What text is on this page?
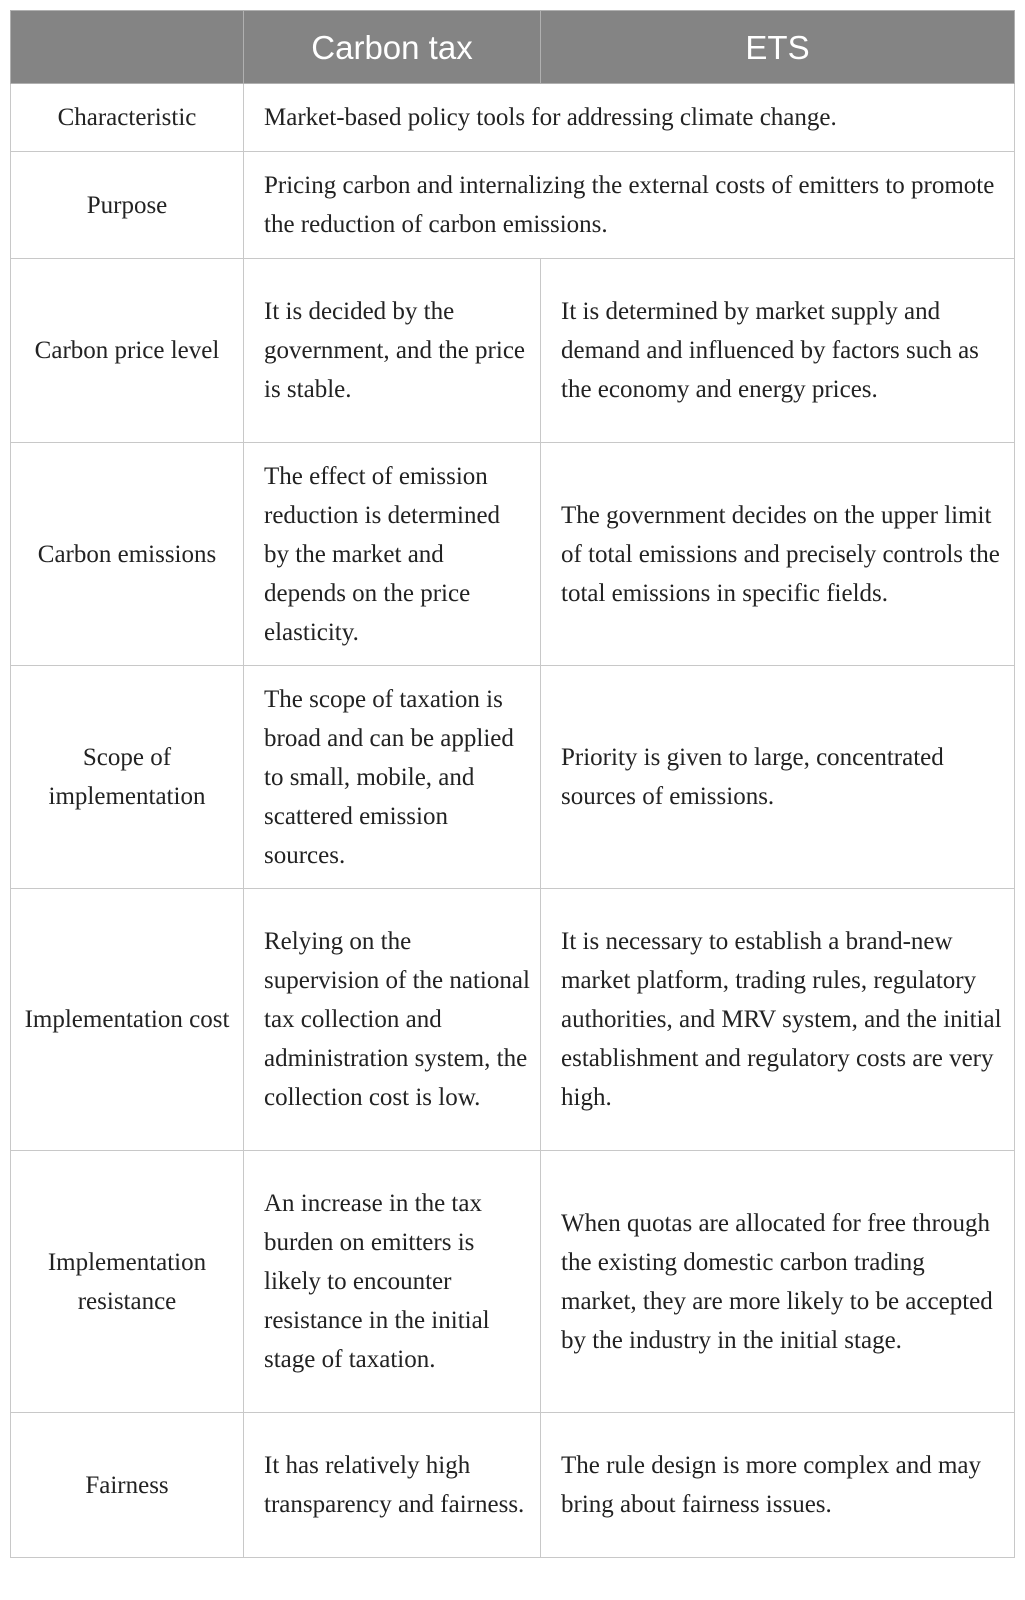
	Carbon tax	ETS
Characteristic	Market-based policy tools for addressing climate change.	
Purpose	Pricing carbon and internalizing the external costs of emitters to promote the reduction of carbon emissions.	
Carbon price level	It is decided by the government, and the price is stable.	It is determined by market supply and demand and influenced by factors such as the economy and energy prices.
Carbon emissions	The effect of emission reduction is determined by the market and depends on the price elasticity.	The government decides on the upper limit of total emissions and precisely controls the total emissions in specific fields.
Scope of implementation	The scope of taxation is broad and can be applied to small, mobile, and scattered emission sources.	Priority is given to large, concentrated sources of emissions.
Implementation cost	Relying on the supervision of the national tax collection and administration system, the collection cost is low.	It is necessary to establish a brand-new market platform, trading rules, regulatory authorities, and MRV system, and the initial establishment and regulatory costs are very high.
Implementation resistance	An increase in the tax burden on emitters is likely to encounter resistance in the initial stage of taxation.	When quotas are allocated for free through the existing domestic carbon trading market, they are more likely to be accepted by the industry in the initial stage.
Fairness	It has relatively high transparency and fairness.	The rule design is more complex and may bring about fairness issues.
